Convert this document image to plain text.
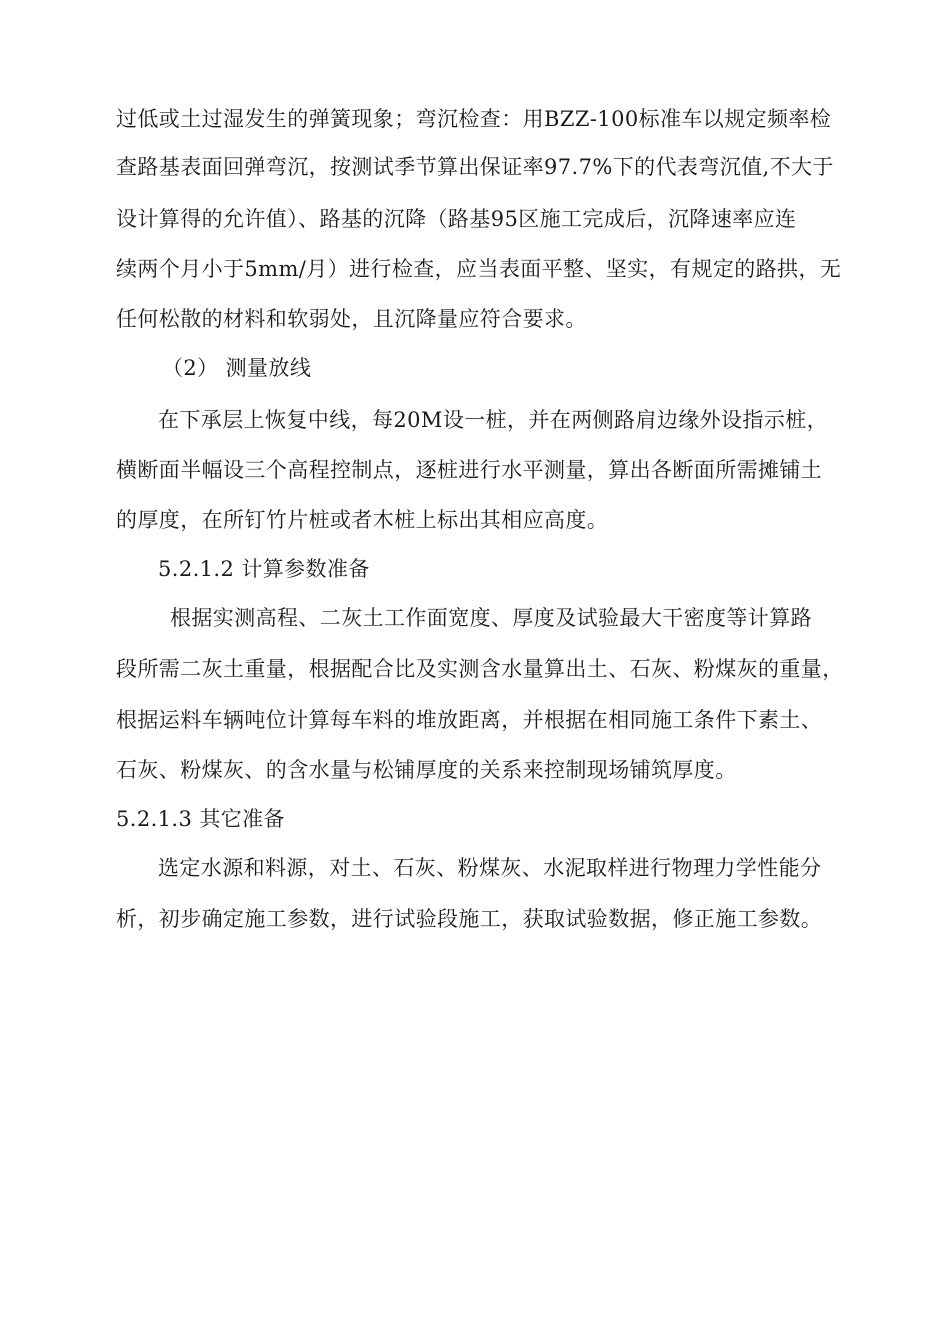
过低或土过湿发生的弹簧现象；弯沉检查：用BZZ-100标准车以规定频率检
查路基表面回弹弯沉，按测试季节算出保证率97.7%下的代表弯沉值,不大于
设计算得的允许值）、路基的沉降（路基95区施工完成后，沉降速率应连
续两个月小于5mm/月）进行检查，应当表面平整、坚实，有规定的路拱，无
任何松散的材料和软弱处，且沉降量应符合要求。
（2） 测量放线
在下承层上恢复中线，每20M设一桩，并在两侧路肩边缘外设指示桩，
横断面半幅设三个高程控制点，逐桩进行水平测量，算出各断面所需摊铺土
的厚度，在所钉竹片桩或者木桩上标出其相应高度。
5.2.1.2 计算参数准备
根据实测高程、二灰土工作面宽度、厚度及试验最大干密度等计算路
段所需二灰土重量，根据配合比及实测含水量算出土、石灰、粉煤灰的重量，
根据运料车辆吨位计算每车料的堆放距离，并根据在相同施工条件下素土、
石灰、粉煤灰、的含水量与松铺厚度的关系来控制现场铺筑厚度。
5.2.1.3 其它准备
选定水源和料源，对土、石灰、粉煤灰、水泥取样进行物理力学性能分
析，初步确定施工参数，进行试验段施工，获取试验数据，修正施工参数。
